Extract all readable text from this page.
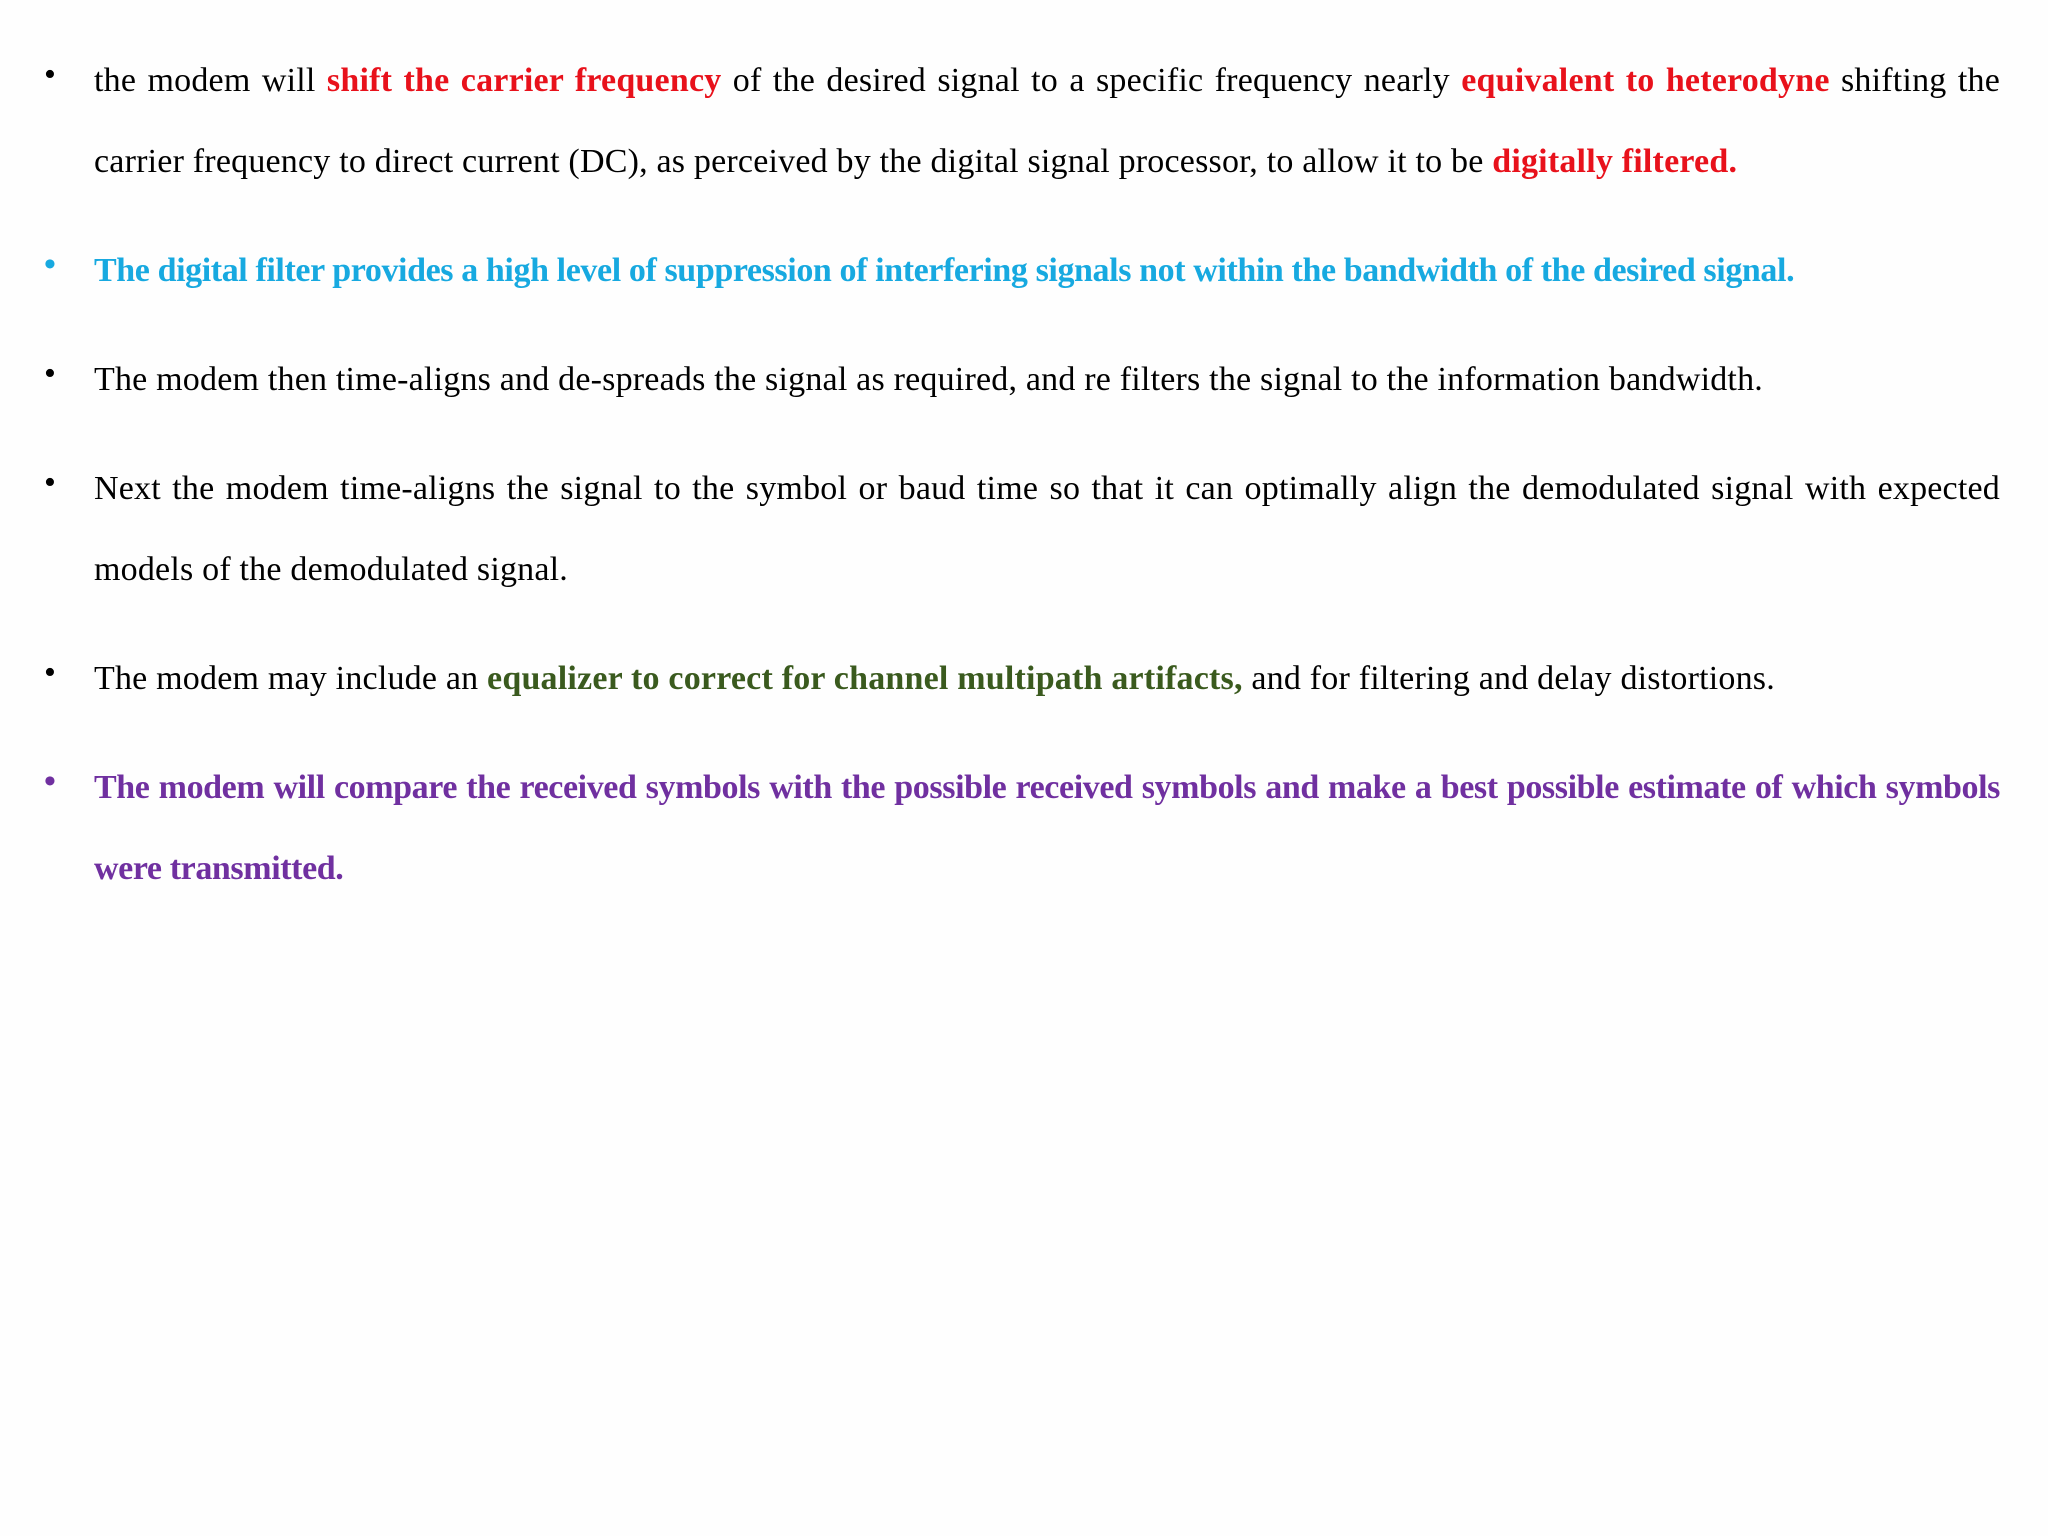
• the modem will shift the carrier frequency of the desired signal to a specific frequency nearly equivalent to heterodyne shifting the carrier frequency to direct current (DC), as perceived by the digital signal processor, to allow it to be digitally filtered.
• The digital filter provides a high level of suppression of interfering signals not within the bandwidth of the desired signal.
• The modem then time-aligns and de-spreads the signal as required, and re filters the signal to the information bandwidth.
• Next the modem time-aligns the signal to the symbol or baud time so that it can optimally align the demodulated signal with expected models of the demodulated signal.
• The modem may include an equalizer to correct for channel multipath artifacts, and for filtering and delay distortions.
• The modem will compare the received symbols with the possible received symbols and make a best possible estimate of which symbols were transmitted.
